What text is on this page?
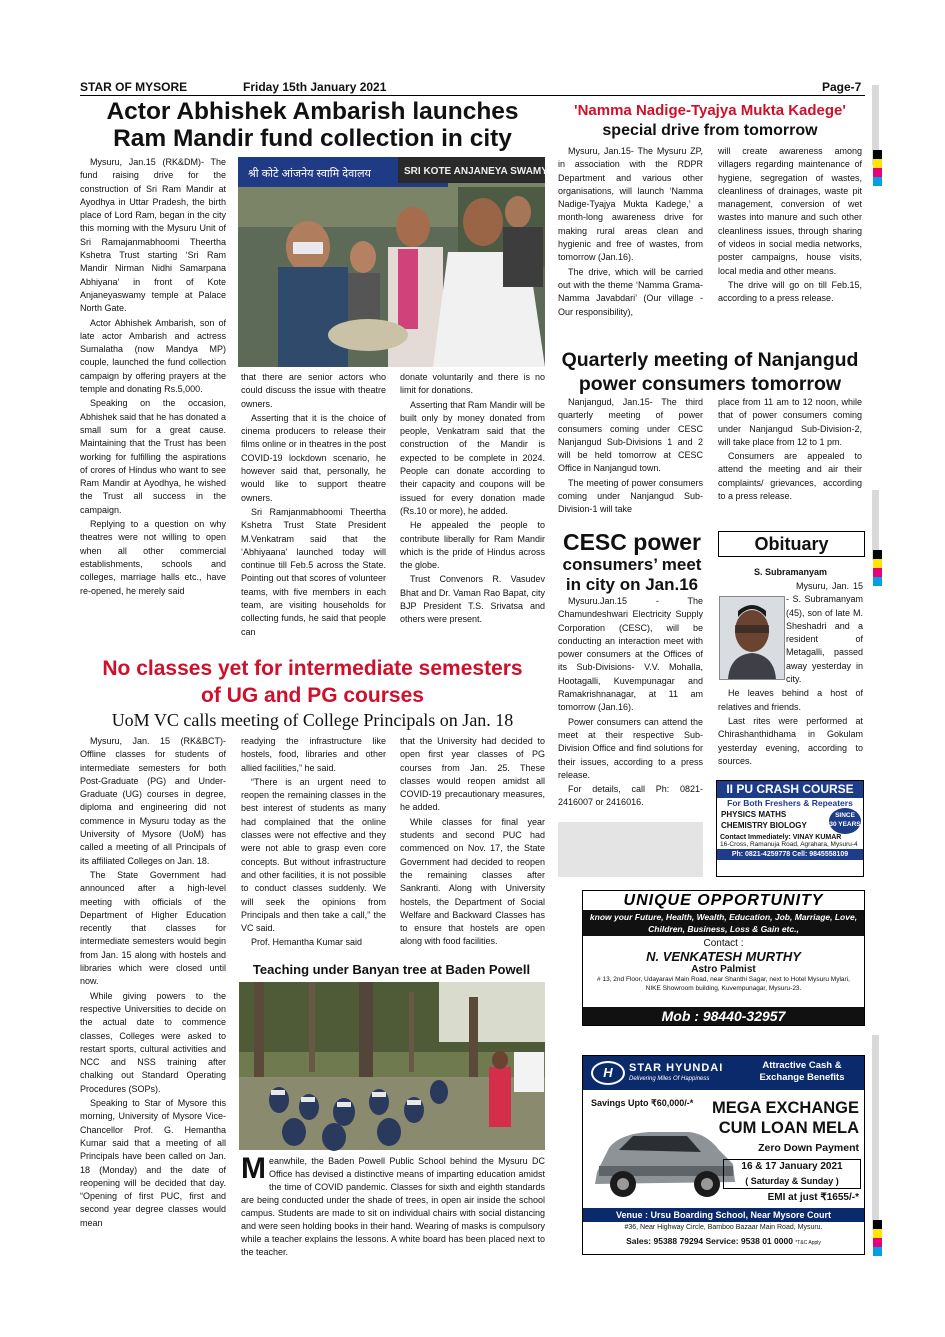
STAR OF MYSORE	Friday 15th January 2021	Page-7
Actor Abhishek Ambarish launches
Ram Mandir fund collection in city

Mysuru, Jan.15 (RK&DM)- The fund raising drive for the construction of Sri Ram Mandir at Ayodhya in Uttar Pradesh, the birth place of Lord Ram, began in the city this morning with the Mysuru Unit of Sri Ramajanmabhoomi Theertha Kshetra Trust starting ‘Sri Ram Mandir Nirman Nidhi Samarpana Abhiyana’ in front of Kote Anjaneyaswamy temple at Palace North Gate.

Actor Abhishek Ambarish, son of late actor Ambarish and actress Sumalatha (now Mandya MP) couple, launched the fund collection campaign by offering prayers at the temple and donating Rs.5,000.

Speaking on the occasion, Abhishek said that he has donated a small sum for a great cause. Maintaining that the Trust has been working for fulfilling the aspirations of crores of Hindus who want to see Ram Mandir at Ayodhya, he wished the Trust all success in the campaign.

Replying to a question on why theatres were not willing to open when all other commercial establishments, schools and colleges, marriage halls etc., have re-opened, he merely said

श्री कोटे आंजनेय स्वामि देवालय	SRI KOTE ANJANEYA SWAMY

that there are senior actors who could discuss the issue with theatre owners.

Asserting that it is the choice of cinema producers to release their films online or in theatres in the post COVID-19 lockdown scenario, he however said that, personally, he would like to support theatre owners.

Sri Ramjanmabhoomi Theertha Kshetra Trust State President M.Venkatram said that the ‘Abhiyaana’ launched today will continue till Feb.5 across the State. Pointing out that scores of volunteer teams, with five members in each team, are visiting households for collecting funds, he said that people can

donate voluntarily and there is no limit for donations.

Asserting that Ram Mandir will be built only by money donated from people, Venkatram said that the construction of the Mandir is expected to be complete in 2024. People can donate according to their capacity and coupons will be issued for every donation made (Rs.10 or more), he added.

He appealed the people to contribute liberally for Ram Mandir which is the pride of Hindus across the globe.

Trust Convenors R. Vasudev Bhat and Dr. Vaman Rao Bapat, city BJP President T.S. Srivatsa and others were present.

'Namma Nadige-Tyajya Mukta Kadege'
special drive from tomorrow

Mysuru, Jan.15- The Mysuru ZP, in association with the RDPR Department and various other organisations, will launch ‘Namma Nadige-Tyajya Mukta Kadege,’ a month-long awareness drive for making rural areas clean and hygienic and free of wastes, from tomorrow (Jan.16).

The drive, which will be carried out with the theme ‘Namma Grama- Namma Javabdari’ (Our village - Our responsibility),

will create awareness among villagers regarding maintenance of hygiene, segregation of wastes, cleanliness of drainages, waste pit management, conversion of wet wastes into manure and such other cleanliness issues, through sharing of videos in social media networks, poster campaigns, house visits, local media and other means.

The drive will go on till Feb.15, according to a press release.

Quarterly meeting of Nanjangud
power consumers tomorrow

Nanjangud, Jan.15- The third quarterly meeting of power consumers coming under CESC Nanjangud Sub-Divisions 1 and 2 will be held tomorrow at CESC Office in Nanjangud town.

The meeting of power consumers coming under Nanjangud Sub-Division-1 will take

place from 11 am to 12 noon, while that of power consumers coming under Nanjangud Sub-Division-2, will take place from 12 to 1 pm.

Consumers are appealed to attend the meeting and air their complaints/ grievances, according to a press release.

CESC power
consumers’ meet
in city on Jan.16

Mysuru.Jan.15 - The Chamundeshwari Electricity Supply Corporation (CESC), will be conducting an interaction meet with power consumers at the Offices of its Sub-Divisions- V.V. Mohalla, Hootagalli, Kuvempunagar and Ramakrishnanagar, at 11 am tomorrow (Jan.16).

Power consumers can attend the meet at their respective Sub-Division Office and find solutions for their issues, according to a press release.

For details, call Ph: 0821-2416007 or 2416016.

Obituary
S. Subramanyam

Mysuru, Jan. 15 - S. Subramanyam (45), son of late M. Sheshadri and a resident of Metagalli, passed away yesterday in city.

He leaves behind a host of relatives and friends.

Last rites were performed at Chirashanthidhama in Gokulam yesterday evening, according to sources.

II PU CRASH COURSE
For Both Freshers & Repeaters
PHYSICS MATHS
CHEMISTRY BIOLOGY
SINCE
30 YEARS
Contact Immediately: VINAY KUMAR
16-Cross, Ramanuja Road, Agrahara, Mysuru-4
Ph: 0821-4259778 Cell: 9845558109
No classes yet for intermediate semesters
of UG and PG courses
UoM VC calls meeting of College Principals on Jan. 18

Mysuru, Jan. 15 (RK&BCT)- Offline classes for students of intermediate semesters for both Post-Graduate (PG) and Under-Graduate (UG) courses in degree, diploma and engineering did not commence in Mysuru today as the University of Mysore (UoM) has called a meeting of all Principals of its affiliated Colleges on Jan. 18.

The State Government had announced after a high-level meeting with officials of the Department of Higher Education recently that classes for intermediate semesters would begin from Jan. 15 along with hostels and libraries which were closed until now.

While giving powers to the respective Universities to decide on the actual date to commence classes, Colleges were asked to restart sports, cultural activities and NCC and NSS training after chalking out Standard Operating Procedures (SOPs).

Speaking to Star of Mysore this morning, University of Mysore Vice-Chancellor Prof. G. Hemantha Kumar said that a meeting of all Principals have been called on Jan. 18 (Monday) and the date of reopening will be decided that day. “Opening of first PUC, first and second year degree classes would mean

readying the infrastructure like hostels, food, libraries and other allied facilities,” he said.

“There is an urgent need to reopen the remaining classes in the best interest of students as many had complained that the online classes were not effective and they were not able to grasp even core concepts. But without infrastructure and other facilities, it is not possible to conduct classes suddenly. We will seek the opinions from Principals and then take a call,” the VC said.

Prof. Hemantha Kumar said

that the University had decided to open first year classes of PG courses from Jan. 25. These classes would reopen amidst all COVID-19 precautionary measures, he added.

While classes for final year students and second PUC had commenced on Nov. 17, the State Government had decided to reopen the remaining classes after Sankranti. Along with University hostels, the Department of Social Welfare and Backward Classes has to ensure that hostels are open along with food facilities.

Teaching under Banyan tree at Baden Powell
M eanwhile, the Baden Powell Public School behind the Mysuru DC Office has devised a distinctive means of imparting education amidst the time of COVID pandemic. Classes for sixth and eighth standards are being conducted under the shade of trees, in open air inside the school campus. Students are made to sit on individual chairs with social distancing and were seen holding books in their hand. Wearing of masks is compulsory while a teacher explains the lessons. A white board has been placed next to the teacher.
UNIQUE OPPORTUNITY
know your Future, Health, Wealth, Education, Job, Marriage, Love, Children, Business, Loss & Gain etc.,
Contact :
N. VENKATESH MURTHY
Astro Palmist
# 13, 2nd Floor, Udayaravi Main Road, near Shanthi Sagar, next to Hotel Mysuru Mylari, NIKE Showroom building, Kuvempunagar, Mysuru-23.
Mob : 98440-32957
H	STAR HYUNDAI
Delivering Miles Of Happiness
Attractive Cash &
Exchange Benefits
Savings Upto ₹60,000/-*	MEGA EXCHANGE
CUM LOAN MELA
Zero Down Payment
16 & 17 January 2021
( Saturday & Sunday )
EMI at just ₹1655/-*
Venue : Ursu Boarding School, Near Mysore Court
#36, Near Highway Circle, Bamboo Bazaar Main Road, Mysuru.
Sales: 95388 79294 Service: 9538 01 0000 *T&C Apply
